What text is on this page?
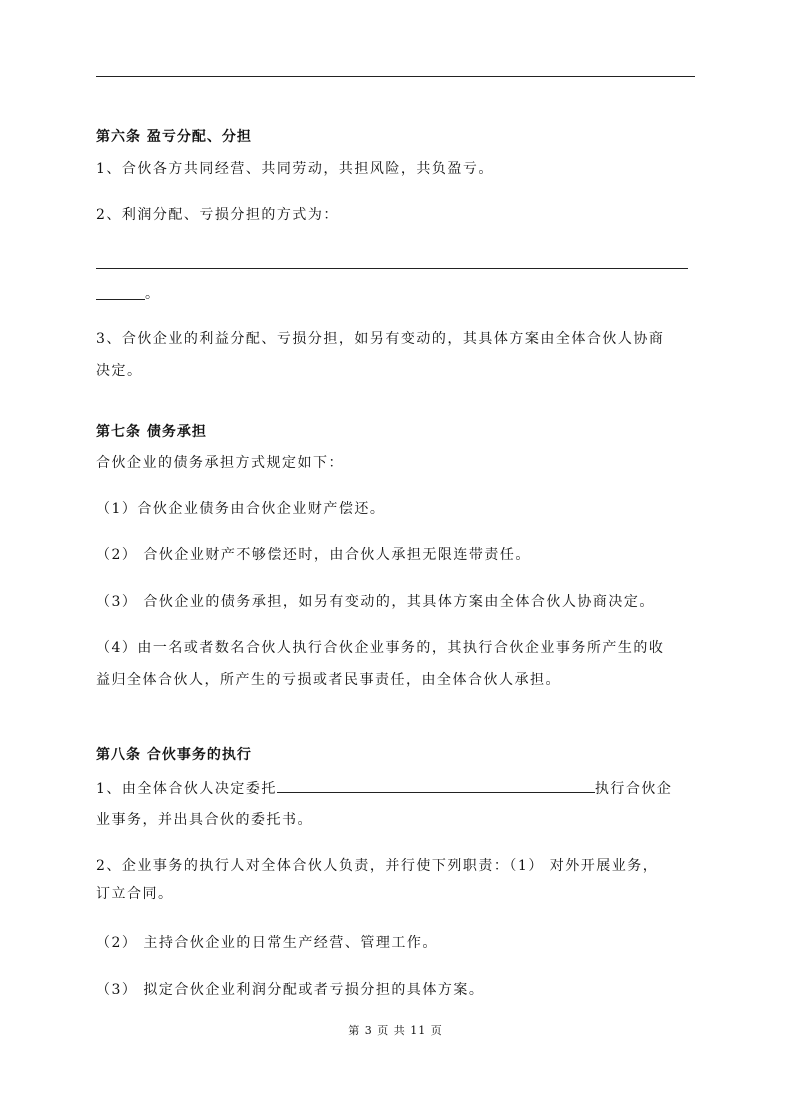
第六条 盈亏分配、分担
1、合伙各方共同经营、共同劳动，共担风险，共负盈亏。
2、利润分配、亏损分担的方式为：
。
3、合伙企业的利益分配、亏损分担，如另有变动的，其具体方案由全体合伙人协商
决定。
第七条 债务承担
合伙企业的债务承担方式规定如下：
（1）合伙企业债务由合伙企业财产偿还。
（2） 合伙企业财产不够偿还时，由合伙人承担无限连带责任。
（3） 合伙企业的债务承担，如另有变动的，其具体方案由全体合伙人协商决定。
（4）由一名或者数名合伙人执行合伙企业事务的，其执行合伙企业事务所产生的收
益归全体合伙人，所产生的亏损或者民事责任，由全体合伙人承担。
第八条 合伙事务的执行
1、由全体合伙人决定委托	执行合伙企
业事务，并出具合伙的委托书。
2、企业事务的执行人对全体合伙人负责，并行使下列职责：（1） 对外开展业务，
订立合同。
（2） 主持合伙企业的日常生产经营、管理工作。
（3） 拟定合伙企业利润分配或者亏损分担的具体方案。
第 3 页 共 11 页
